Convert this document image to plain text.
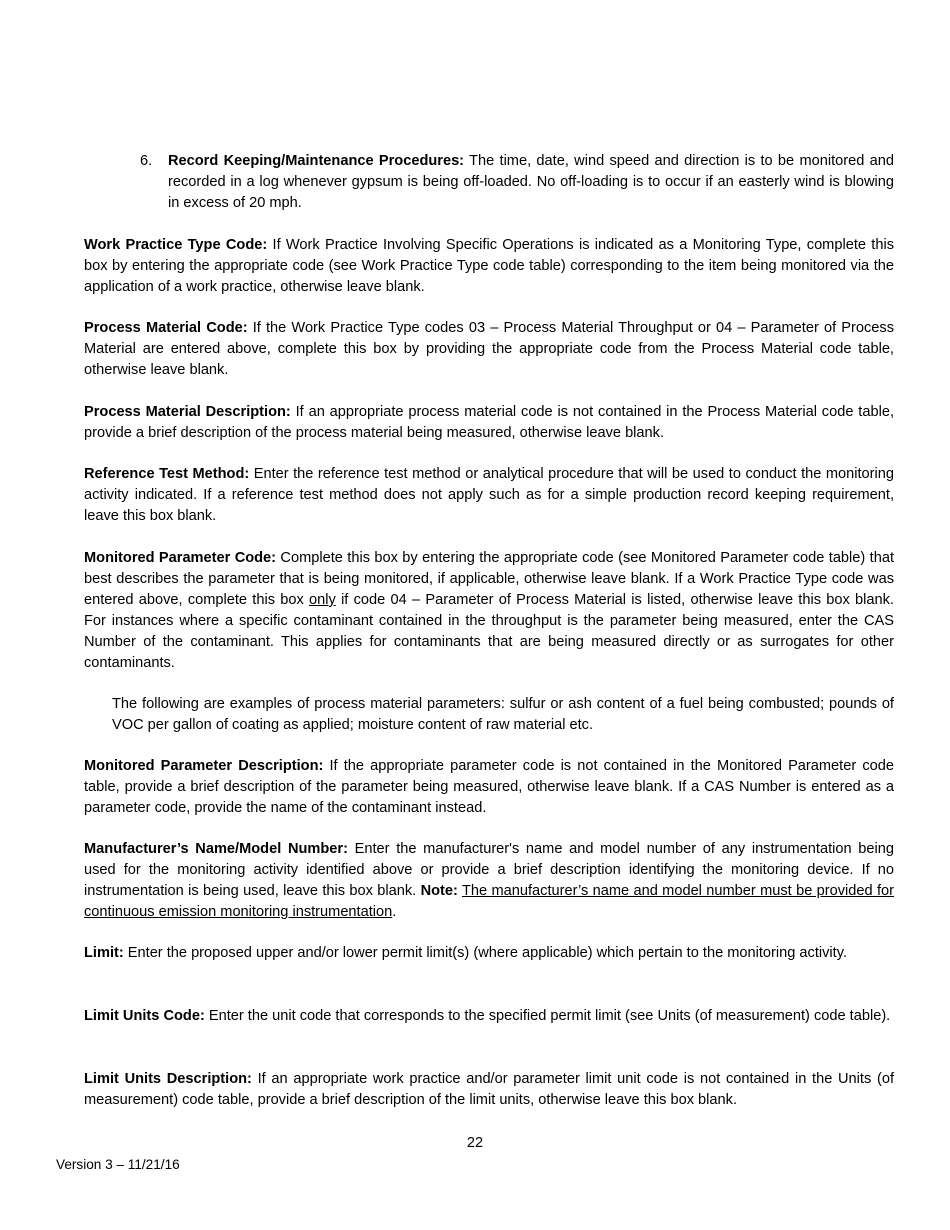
6. Record Keeping/Maintenance Procedures: The time, date, wind speed and direction is to be monitored and recorded in a log whenever gypsum is being off-loaded. No off-loading is to occur if an easterly wind is blowing in excess of 20 mph.

Work Practice Type Code: If Work Practice Involving Specific Operations is indicated as a Monitoring Type, complete this box by entering the appropriate code (see Work Practice Type code table) corresponding to the item being monitored via the application of a work practice, otherwise leave blank.

Process Material Code: If the Work Practice Type codes 03 – Process Material Throughput or 04 – Parameter of Process Material are entered above, complete this box by providing the appropriate code from the Process Material code table, otherwise leave blank.

Process Material Description: If an appropriate process material code is not contained in the Process Material code table, provide a brief description of the process material being measured, otherwise leave blank.

Reference Test Method: Enter the reference test method or analytical procedure that will be used to conduct the monitoring activity indicated. If a reference test method does not apply such as for a simple production record keeping requirement, leave this box blank.

Monitored Parameter Code: Complete this box by entering the appropriate code (see Monitored Parameter code table) that best describes the parameter that is being monitored, if applicable, otherwise leave blank. If a Work Practice Type code was entered above, complete this box only if code 04 – Parameter of Process Material is listed, otherwise leave this box blank. For instances where a specific contaminant contained in the throughput is the parameter being measured, enter the CAS Number of the contaminant. This applies for contaminants that are being measured directly or as surrogates for other contaminants.

The following are examples of process material parameters: sulfur or ash content of a fuel being combusted; pounds of VOC per gallon of coating as applied; moisture content of raw material etc.

Monitored Parameter Description: If the appropriate parameter code is not contained in the Monitored Parameter code table, provide a brief description of the parameter being measured, otherwise leave blank. If a CAS Number is entered as a parameter code, provide the name of the contaminant instead.

Manufacturer’s Name/Model Number: Enter the manufacturer's name and model number of any instrumentation being used for the monitoring activity identified above or provide a brief description identifying the monitoring device. If no instrumentation is being used, leave this box blank. Note: The manufacturer’s name and model number must be provided for continuous emission monitoring instrumentation.

Limit: Enter the proposed upper and/or lower permit limit(s) (where applicable) which pertain to the monitoring activity.

Limit Units Code: Enter the unit code that corresponds to the specified permit limit (see Units (of measurement) code table).

Limit Units Description: If an appropriate work practice and/or parameter limit unit code is not contained in the Units (of measurement) code table, provide a brief description of the limit units, otherwise leave this box blank.

22
Version 3 – 11/21/16
